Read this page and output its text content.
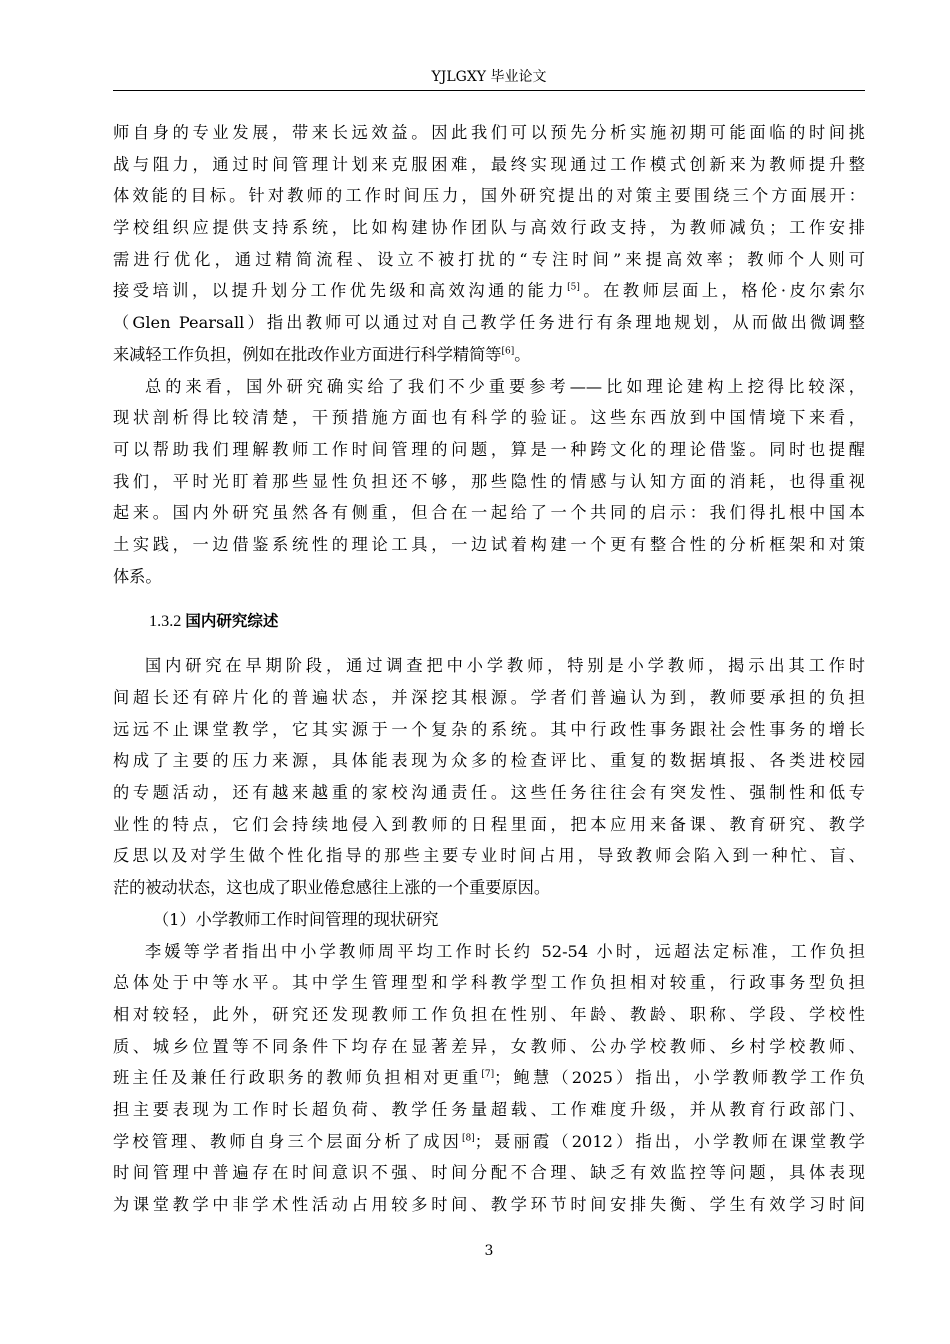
YJLGXY 毕业论文
师自身的专业发展，带来长远效益。因此我们可以预先分析实施初期可能面临的时间挑
战与阻力，通过时间管理计划来克服困难，最终实现通过工作模式创新来为教师提升整
体效能的目标。针对教师的工作时间压力，国外研究提出的对策主要围绕三个方面展开：
学校组织应提供支持系统，比如构建协作团队与高效行政支持，为教师减负；工作安排
需进行优化，通过精简流程、设立不被打扰的“专注时间”来提高效率；教师个人则可
接受培训，以提升划分工作优先级和高效沟通的能力[5]。在教师层面上，格伦·皮尔索尔
（Glen Pearsall）指出教师可以通过对自己教学任务进行有条理地规划，从而做出微调整
来减轻工作负担，例如在批改作业方面进行科学精简等[6]。
总的来看，国外研究确实给了我们不少重要参考——比如理论建构上挖得比较深，
现状剖析得比较清楚，干预措施方面也有科学的验证。这些东西放到中国情境下来看，
可以帮助我们理解教师工作时间管理的问题，算是一种跨文化的理论借鉴。同时也提醒
我们，平时光盯着那些显性负担还不够，那些隐性的情感与认知方面的消耗，也得重视
起来。国内外研究虽然各有侧重，但合在一起给了一个共同的启示：我们得扎根中国本
土实践，一边借鉴系统性的理论工具，一边试着构建一个更有整合性的分析框架和对策
体系。
1.3.2 国内研究综述
国内研究在早期阶段，通过调查把中小学教师，特别是小学教师，揭示出其工作时
间超长还有碎片化的普遍状态，并深挖其根源。学者们普遍认为到，教师要承担的负担
远远不止课堂教学，它其实源于一个复杂的系统。其中行政性事务跟社会性事务的增长
构成了主要的压力来源，具体能表现为众多的检查评比、重复的数据填报、各类进校园
的专题活动，还有越来越重的家校沟通责任。这些任务往往会有突发性、强制性和低专
业性的特点，它们会持续地侵入到教师的日程里面，把本应用来备课、教育研究、教学
反思以及对学生做个性化指导的那些主要专业时间占用，导致教师会陷入到一种忙、盲、
茫的被动状态，这也成了职业倦怠感往上涨的一个重要原因。
（1）小学教师工作时间管理的现状研究
李媛等学者指出中小学教师周平均工作时长约 52-54 小时，远超法定标准，工作负担
总体处于中等水平。其中学生管理型和学科教学型工作负担相对较重，行政事务型负担
相对较轻，此外，研究还发现教师工作负担在性别、年龄、教龄、职称、学段、学校性
质、城乡位置等不同条件下均存在显著差异，女教师、公办学校教师、乡村学校教师、
班主任及兼任行政职务的教师负担相对更重[7]；鲍慧（2025）指出，小学教师教学工作负
担主要表现为工作时长超负荷、教学任务量超载、工作难度升级，并从教育行政部门、
学校管理、教师自身三个层面分析了成因[8]；聂丽霞（2012）指出，小学教师在课堂教学
时间管理中普遍存在时间意识不强、时间分配不合理、缺乏有效监控等问题，具体表现
为课堂教学中非学术性活动占用较多时间、教学环节时间安排失衡、学生有效学习时间
3
